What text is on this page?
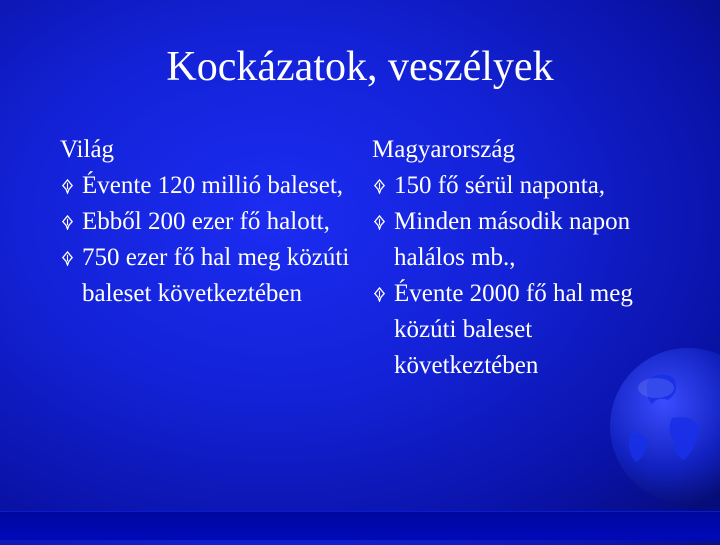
Kockázatok, veszélyek
Világ
Évente 120 millió baleset,
Ebből 200 ezer fő halott,
750 ezer fő hal meg közúti baleset következtében
Magyarország
150 fő sérül naponta,
Minden második napon halálos mb.,
Évente 2000 fő hal meg közúti baleset következtében
